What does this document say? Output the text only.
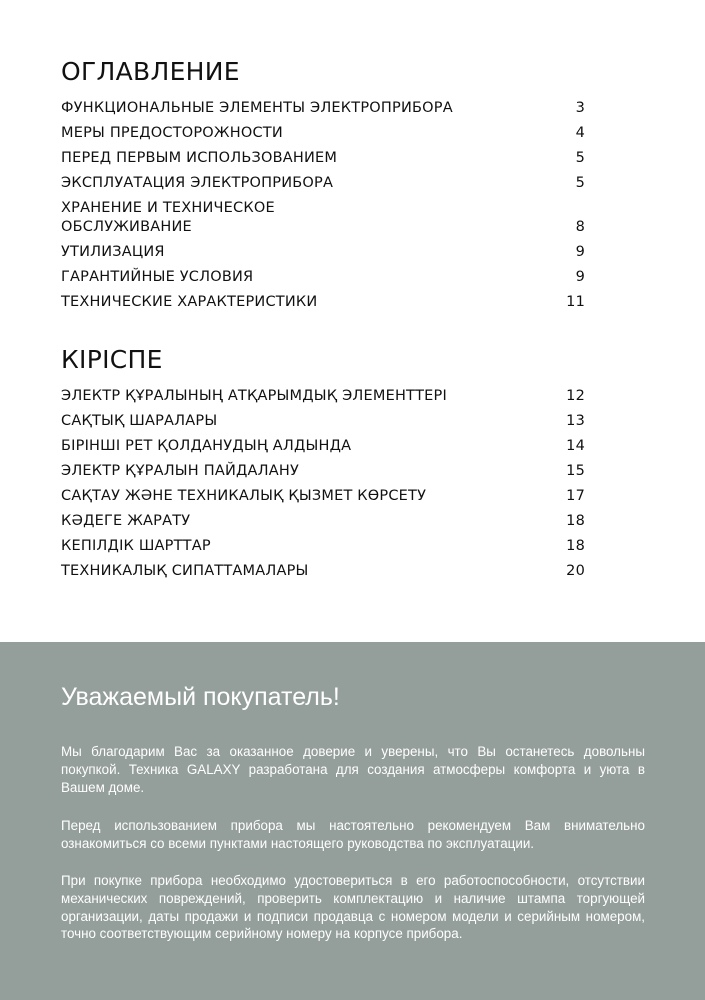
ОГЛАВЛЕНИЕ
ФУНКЦИОНАЛЬНЫЕ ЭЛЕМЕНТЫ ЭЛЕКТРОПРИБОРА	3
МЕРЫ ПРЕДОСТОРОЖНОСТИ	4
ПЕРЕД ПЕРВЫМ ИСПОЛЬЗОВАНИЕМ	5
ЭКСПЛУАТАЦИЯ ЭЛЕКТРОПРИБОРА	5
ХРАНЕНИЕ И ТЕХНИЧЕСКОЕ ОБСЛУЖИВАНИЕ	8
УТИЛИЗАЦИЯ	9
ГАРАНТИЙНЫЕ УСЛОВИЯ	9
ТЕХНИЧЕСКИЕ ХАРАКТЕРИСТИКИ	11
КІРІСПЕ
ЭЛЕКТР ҚҰРАЛЫНЫҢ АТҚАРЫМДЫҚ ЭЛЕМЕНТТЕРІ	12
САҚТЫҚ ШАРАЛАРЫ	13
БІРІНШІ РЕТ ҚОЛДАНУДЫҢ АЛДЫНДА	14
ЭЛЕКТР ҚҰРАЛЫН ПАЙДАЛАНУ	15
САҚТАУ ЖӘНЕ ТЕХНИКАЛЫҚ ҚЫЗМЕТ КӨРСЕТУ	17
КӘДЕГЕ ЖАРАТУ	18
КЕПІЛДІК ШАРТТАР	18
ТЕХНИКАЛЫҚ СИПАТТАМАЛАРЫ	20
Уважаемый покупатель!

Мы благодарим Вас за оказанное доверие и уверены, что Вы останетесь довольны покупкой. Техника GALAXY разработана для создания атмосферы комфорта и уюта в Вашем доме.

Перед использованием прибора мы настоятельно рекомендуем Вам внимательно ознакомиться со всеми пунктами настоящего руководства по эксплуатации.

При покупке прибора необходимо удостовериться в его работоспособности, отсутствии механических повреждений, проверить комплектацию и наличие штампа торгующей организации, даты продажи и подписи продавца с номером модели и серийным номером, точно соответствующим серийному номеру на корпусе прибора.
